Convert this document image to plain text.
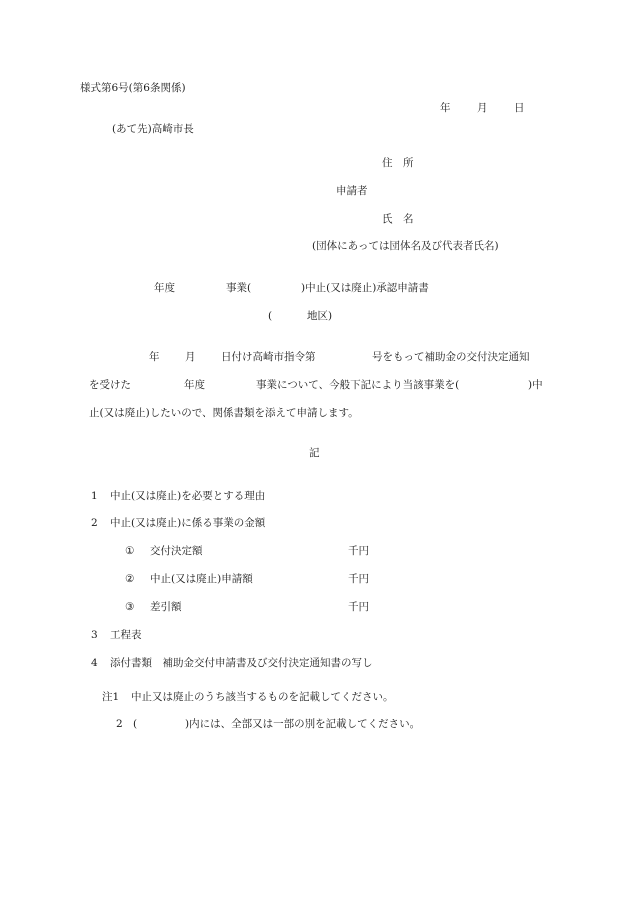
様式第6号(第6条関係)
年	月	日
(あて先)高崎市長
住　所
申請者
氏　名
(団体にあっては団体名及び代表者氏名)
年度	事業(	)中止(又は廃止)承認申請書
(	地区)
年 月 日付け高崎市指令第	号をもって補助金の交付決定通知
を受けた	年度	事業について、今般下記により当該事業を(	)中
止(又は廃止)したいので、関係書類を添えて申請します。
記
1 中止(又は廃止)を必要とする理由
2 中止(又は廃止)に係る事業の金額
① 交付決定額	千円
② 中止(又は廃止)申請額	千円
③ 差引額	千円
3 工程表
4 添付書類　補助金交付申請書及び交付決定通知書の写し
注1 中止又は廃止のうち該当するものを記載してください。
2 (	)内には、全部又は一部の別を記載してください。
